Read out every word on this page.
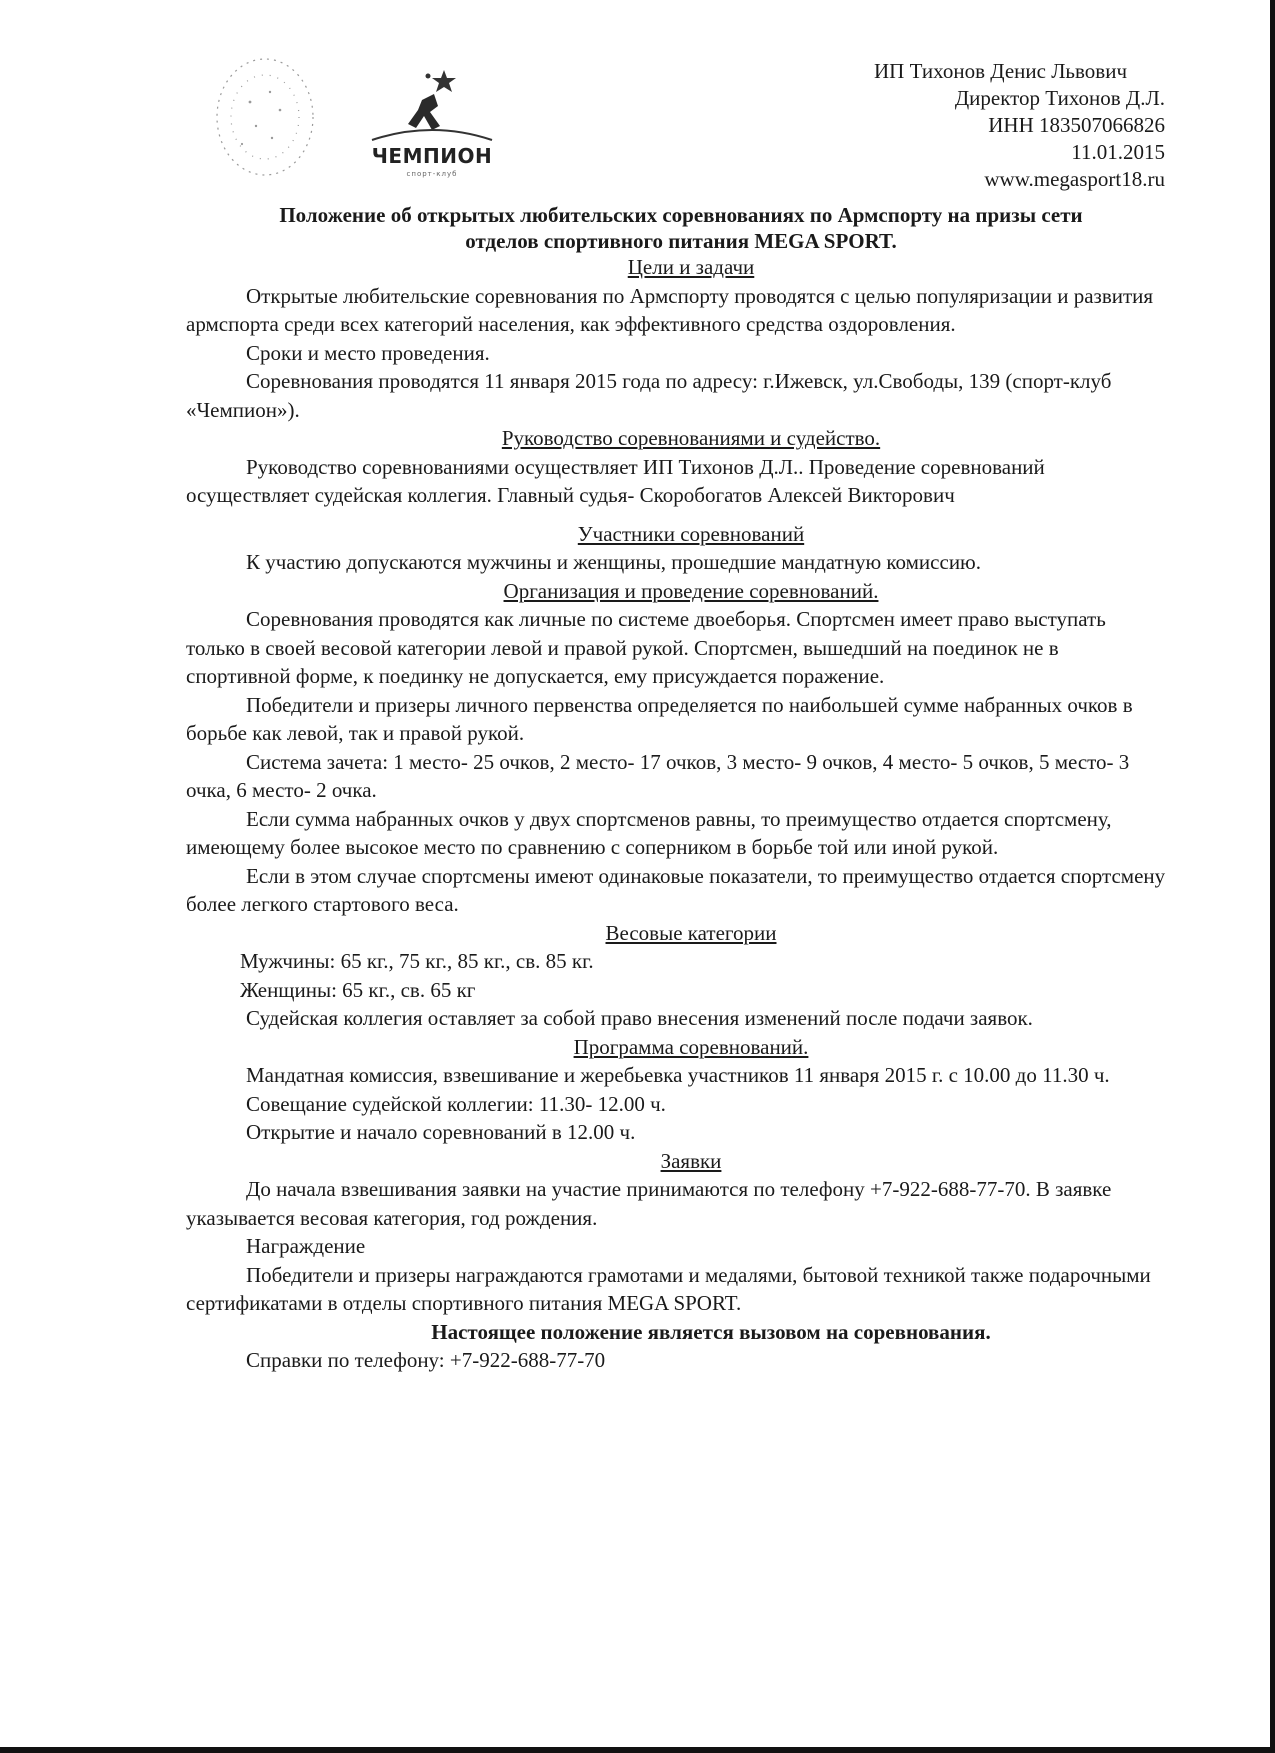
ЧЕМПИОН
спорт-клуб
ИП Тихонов Денис Львович
Директор Тихонов Д.Л.
ИНН 183507066826
11.01.2015
www.megasport18.ru
Положение об открытых любительских соревнованиях по Армспорту на призы сети
отделов спортивного питания MEGA SPORT.

Цели и задачи

Открытые любительские соревнования по Армспорту проводятся с целью популяризации и развития армспорта среди всех категорий населения, как эффективного средства оздоровления.

Сроки и место проведения.

Соревнования проводятся 11 января 2015 года по адресу: г.Ижевск, ул.Свободы, 139 (спорт-клуб «Чемпион»).

Руководство соревнованиями и судейство.

Руководство соревнованиями осуществляет ИП Тихонов Д.Л.. Проведение соревнований осуществляет судейская коллегия. Главный судья- Скоробогатов Алексей Викторович

Участники соревнований

К участию допускаются мужчины и женщины, прошедшие мандатную комиссию.

Организация и проведение соревнований.

Соревнования проводятся как личные по системе двоеборья. Спортсмен имеет право выступать только в своей весовой категории левой и правой рукой. Спортсмен, вышедший на поединок не в спортивной форме, к поединку не допускается, ему присуждается поражение.

Победители и призеры личного первенства определяется по наибольшей сумме набранных очков в борьбе как левой, так и правой рукой.

Система зачета: 1 место- 25 очков, 2 место- 17 очков, 3 место- 9 очков, 4 место- 5 очков, 5 место- 3 очка, 6 место- 2 очка.

Если сумма набранных очков у двух спортсменов равны, то преимущество отдается спортсмену, имеющему более высокое место по сравнению с соперником в борьбе той или иной рукой.

Если в этом случае спортсмены имеют одинаковые показатели, то преимущество отдается спортсмену более легкого стартового веса.

Весовые категории

Мужчины: 65 кг., 75 кг., 85 кг., св. 85 кг.

Женщины: 65 кг., св. 65 кг

Судейская коллегия оставляет за собой право внесения изменений после подачи заявок.

Программа соревнований.

Мандатная комиссия, взвешивание и жеребьевка участников 11 января 2015 г. с 10.00 до 11.30 ч.

Совещание судейской коллегии: 11.30- 12.00 ч.

Открытие и начало соревнований в 12.00 ч.

Заявки

До начала взвешивания заявки на участие принимаются по телефону +7-922-688-77-70. В заявке указывается весовая категория, год рождения.

Награждение

Победители и призеры награждаются грамотами и медалями, бытовой техникой также подарочными сертификатами в отделы спортивного питания MEGA SPORT.

Настоящее положение является вызовом на соревнования.

Справки по телефону: +7-922-688-77-70
